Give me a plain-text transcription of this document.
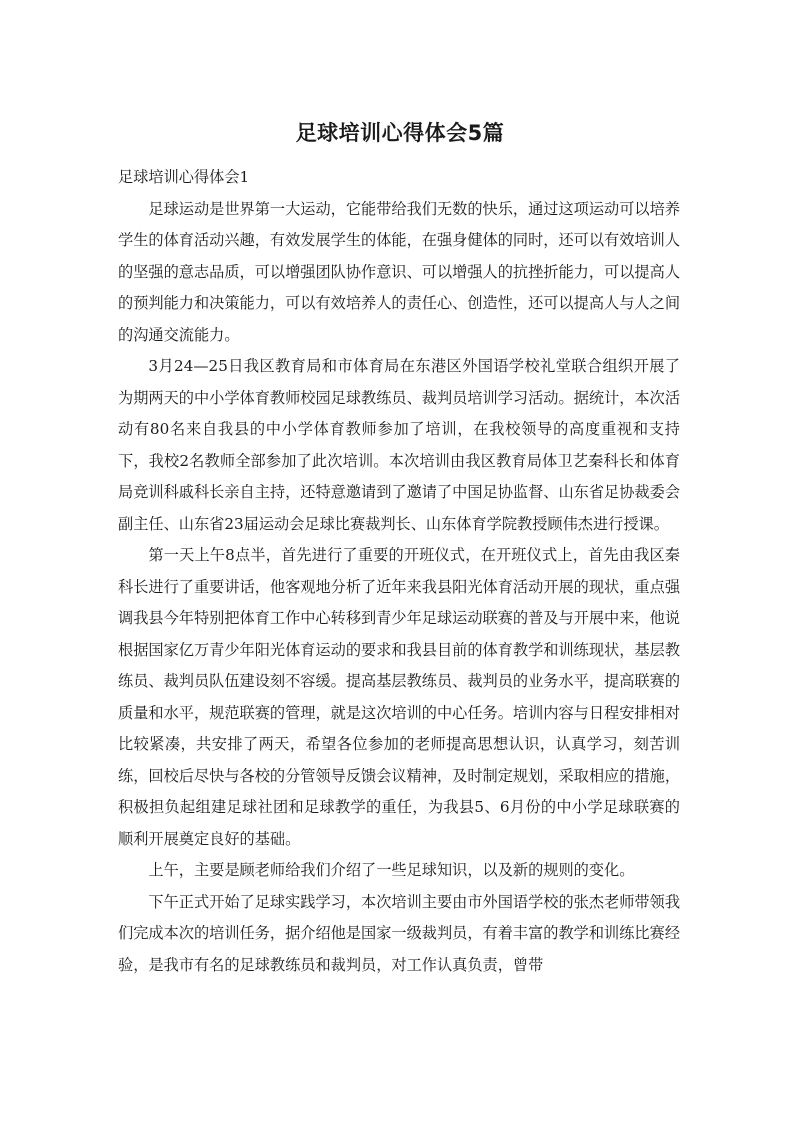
足球培训心得体会5篇

足球培训心得体会1

足球运动是世界第一大运动，它能带给我们无数的快乐，通过这项运动可以培养学生的体育活动兴趣，有效发展学生的体能，在强身健体的同时，还可以有效培训人的坚强的意志品质，可以增强团队协作意识、可以增强人的抗挫折能力，可以提高人的预判能力和决策能力，可以有效培养人的责任心、创造性，还可以提高人与人之间的沟通交流能力。

3月24—25日我区教育局和市体育局在东港区外国语学校礼堂联合组织开展了为期两天的中小学体育教师校园足球教练员、裁判员培训学习活动。据统计，本次活动有80名来自我县的中小学体育教师参加了培训，在我校领导的高度重视和支持下，我校2名教师全部参加了此次培训。本次培训由我区教育局体卫艺秦科长和体育局竞训科戚科长亲自主持，还特意邀请到了邀请了中国足协监督、山东省足协裁委会副主任、山东省23届运动会足球比赛裁判长、山东体育学院教授顾伟杰进行授课。

第一天上午8点半，首先进行了重要的开班仪式，在开班仪式上，首先由我区秦科长进行了重要讲话，他客观地分析了近年来我县阳光体育活动开展的现状，重点强调我县今年特别把体育工作中心转移到青少年足球运动联赛的普及与开展中来，他说根据国家亿万青少年阳光体育运动的要求和我县目前的体育教学和训练现状，基层教练员、裁判员队伍建设刻不容缓。提高基层教练员、裁判员的业务水平，提高联赛的质量和水平，规范联赛的管理，就是这次培训的中心任务。培训内容与日程安排相对比较紧凑，共安排了两天，希望各位参加的老师提高思想认识，认真学习，刻苦训练，回校后尽快与各校的分管领导反馈会议精神，及时制定规划，采取相应的措施，积极担负起组建足球社团和足球教学的重任，为我县5、6月份的中小学足球联赛的顺利开展奠定良好的基础。

上午，主要是顾老师给我们介绍了一些足球知识，以及新的规则的变化。

下午正式开始了足球实践学习，本次培训主要由市外国语学校的张杰老师带领我们完成本次的培训任务，据介绍他是国家一级裁判员，有着丰富的教学和训练比赛经验，是我市有名的足球教练员和裁判员，对工作认真负责，曾带
